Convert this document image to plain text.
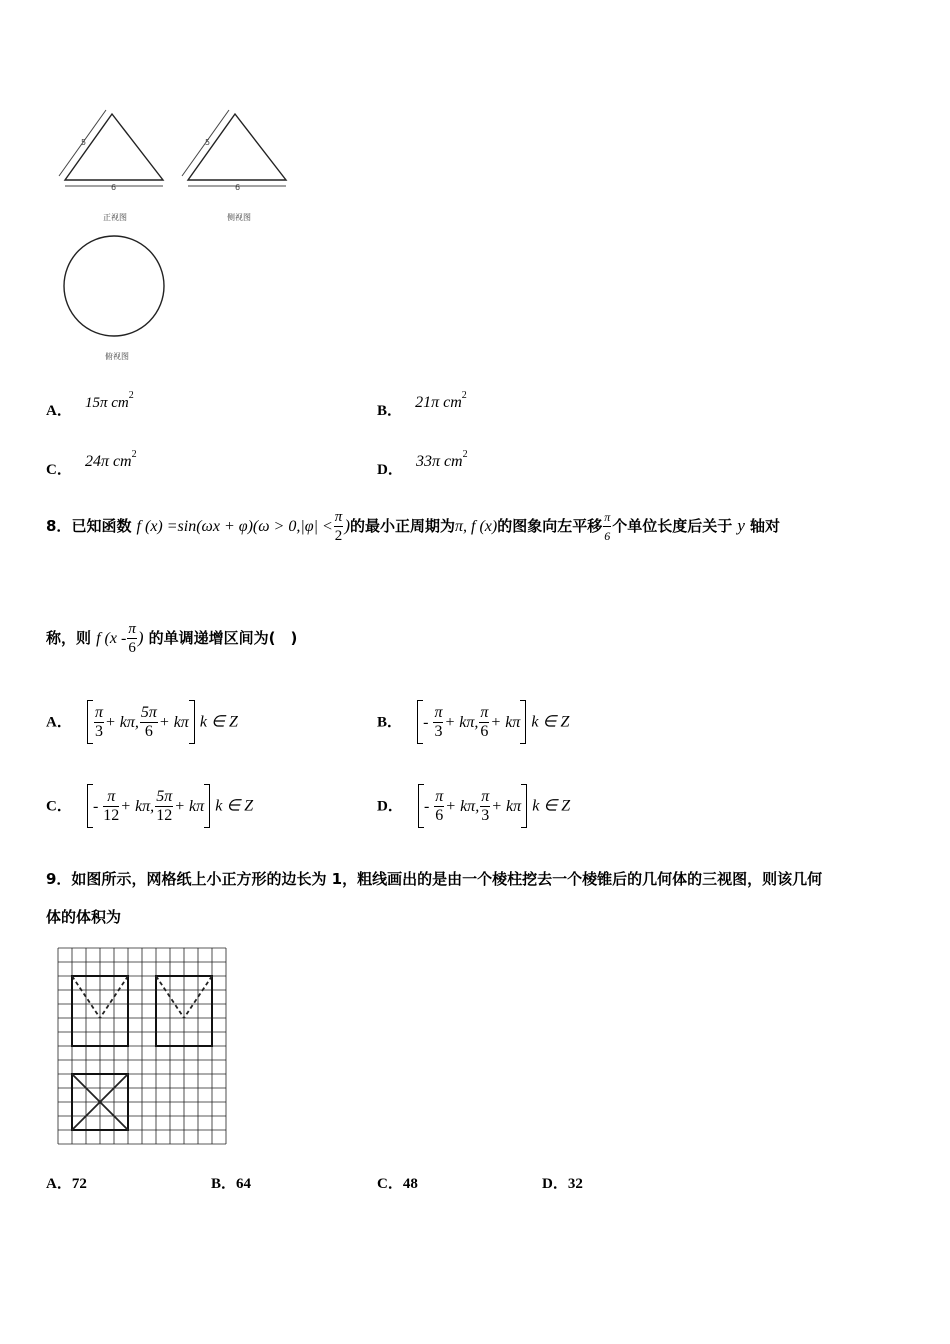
5
6
5
6
正视图	侧视图
俯视图
A． 15π $cm^2$
B． 21π $cm^2$
C． 24π $cm^2$
D． 33π $cm^2$
8．已知函数 f $(x) =\sin(\omega x + \varphi)(\omega > 0,|\varphi| < \frac{\pi}{2}$ )的最小正周期为π, f (x)的图象向左平移 $\frac{\pi}{6}$ 个单位长度后关于 y 轴对
称，则 f ($x - \frac{\pi}{6}$ ) 的单调递增区间为(　)
A． $\frac{\pi}{3} + k\pi$, $\frac{5\pi}{6} + k\pi$ k ∈ Z	B． - $\frac{\pi}{3} + k\pi$, $\frac{\pi}{6} + k\pi$ k ∈ Z
C． - $\frac{\pi}{12} + k\pi$, $\frac{5\pi}{12} + k\pi$ k ∈ Z	D． - $\frac{\pi}{6} + k\pi$, $\frac{\pi}{3} + k\pi$ k ∈ Z
9．如图所示，网格纸上小正方形的边长为 1，粗线画出的是由一个棱柱挖去一个棱锥后的几何体的三视图，则该几何
体的体积为
A．72	B．64	C．48	D．32
